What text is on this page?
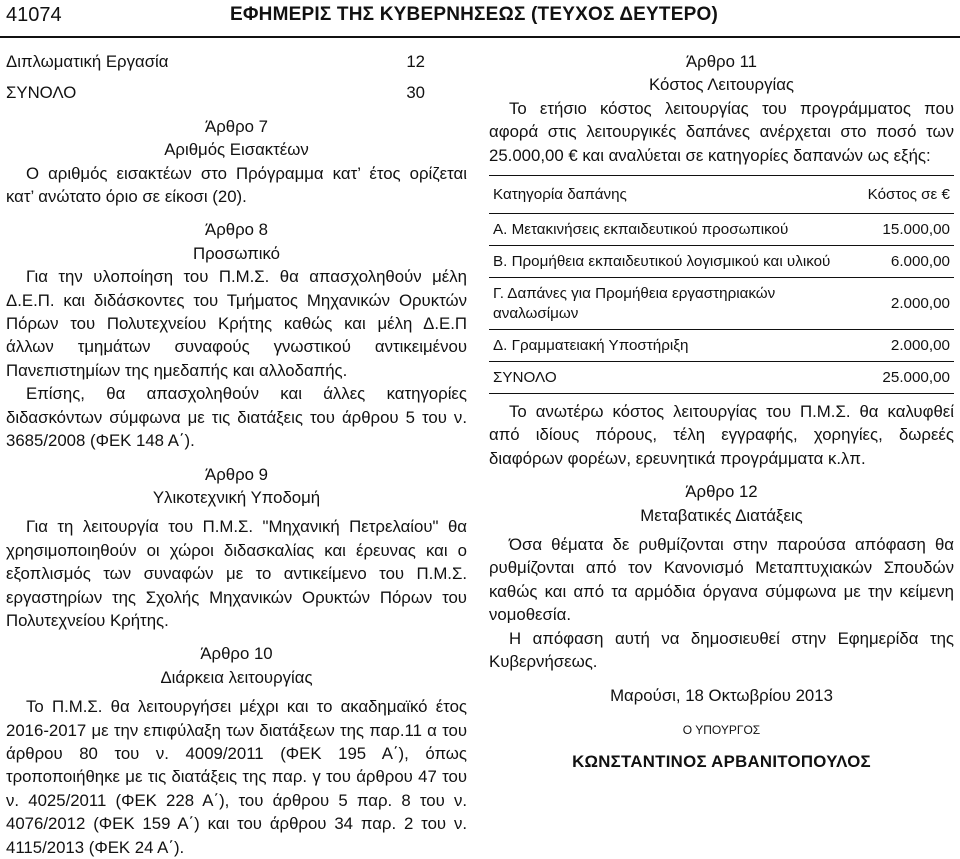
41074	ΕΦΗΜΕΡΙΣ ΤΗΣ ΚΥΒΕΡΝΗΣΕΩΣ (ΤΕΥΧΟΣ ΔΕΥΤΕΡΟ)
Διπλωματική Εργασία	12
ΣΥΝΟΛΟ	30

Άρθρο 7

Αριθμός Εισακτέων

Ο αριθμός εισακτέων στο Πρόγραμμα κατ’ έτος ορίζεται κατ’ ανώτατο όριο σε είκοσι (20).

Άρθρο 8

Προσωπικό

Για την υλοποίηση του Π.Μ.Σ. θα απασχοληθούν μέλη Δ.Ε.Π. και διδάσκοντες του Τμήματος Μηχανικών Ορυκτών Πόρων του Πολυτεχνείου Κρήτης καθώς και μέλη Δ.Ε.Π άλλων τμημάτων συναφούς γνωστικού αντικειμένου Πανεπιστημίων της ημεδαπής και αλλοδαπής.

Επίσης, θα απασχοληθούν και άλλες κατηγορίες διδασκόντων σύμφωνα με τις διατάξεις του άρθρου 5 του ν. 3685/2008 (ΦΕΚ 148 Α΄).

Άρθρο 9

Υλικοτεχνική Υποδομή

Για τη λειτουργία του Π.Μ.Σ. "Μηχανική Πετρελαίου" θα χρησιμοποιηθούν οι χώροι διδασκαλίας και έρευνας και ο εξοπλισμός των συναφών με το αντικείμενο του Π.Μ.Σ. εργαστηρίων της Σχολής Μηχανικών Ορυκτών Πόρων του Πολυτεχνείου Κρήτης.

Άρθρο 10

Διάρκεια λειτουργίας

Το Π.Μ.Σ. θα λειτουργήσει μέχρι και το ακαδημαϊκό έτος 2016-2017 με την επιφύλαξη των διατάξεων της παρ.11 α του άρθρου 80 του ν. 4009/2011 (ΦΕΚ 195 Α΄), όπως τροποποιήθηκε με τις διατάξεις της παρ. γ του άρθρου 47 του ν. 4025/2011 (ΦΕΚ 228 Α΄), του άρθρου 5 παρ. 8 του ν. 4076/2012 (ΦΕΚ 159 Α΄) και του άρθρου 34 παρ. 2 του ν. 4115/2013 (ΦΕΚ 24 Α΄).

Άρθρο 11

Κόστος Λειτουργίας

Το ετήσιο κόστος λειτουργίας του προγράμματος που αφορά στις λειτουργικές δαπάνες ανέρχεται στο ποσό των 25.000,00 € και αναλύεται σε κατηγορίες δαπανών ως εξής:

Κατηγορία δαπάνης	Κόστος σε €
Α. Μετακινήσεις εκπαιδευτικού προσωπικού	15.000,00
Β. Προμήθεια εκπαιδευτικού λογισμικού και υλικού	6.000,00
Γ. Δαπάνες για Προμήθεια εργαστηριακών αναλωσίμων	2.000,00
Δ. Γραμματειακή Υποστήριξη	2.000,00
ΣΥΝΟΛΟ	25.000,00

Το ανωτέρω κόστος λειτουργίας του Π.Μ.Σ. θα καλυφθεί από ιδίους πόρους, τέλη εγγραφής, χορηγίες, δωρεές διαφόρων φορέων, ερευνητικά προγράμματα κ.λπ.

Άρθρο 12

Μεταβατικές Διατάξεις

Όσα θέματα δε ρυθμίζονται στην παρούσα απόφαση θα ρυθμίζονται από τον Κανονισμό Μεταπτυχιακών Σπουδών καθώς και από τα αρμόδια όργανα σύμφωνα με την κείμενη νομοθεσία.

Η απόφαση αυτή να δημοσιευθεί στην Εφημερίδα της Κυβερνήσεως.

Μαρούσι, 18 Οκτωβρίου 2013

Ο ΥΠΟΥΡΓΟΣ

ΚΩΝΣΤΑΝΤΙΝΟΣ ΑΡΒΑΝΙΤΟΠΟΥΛΟΣ
